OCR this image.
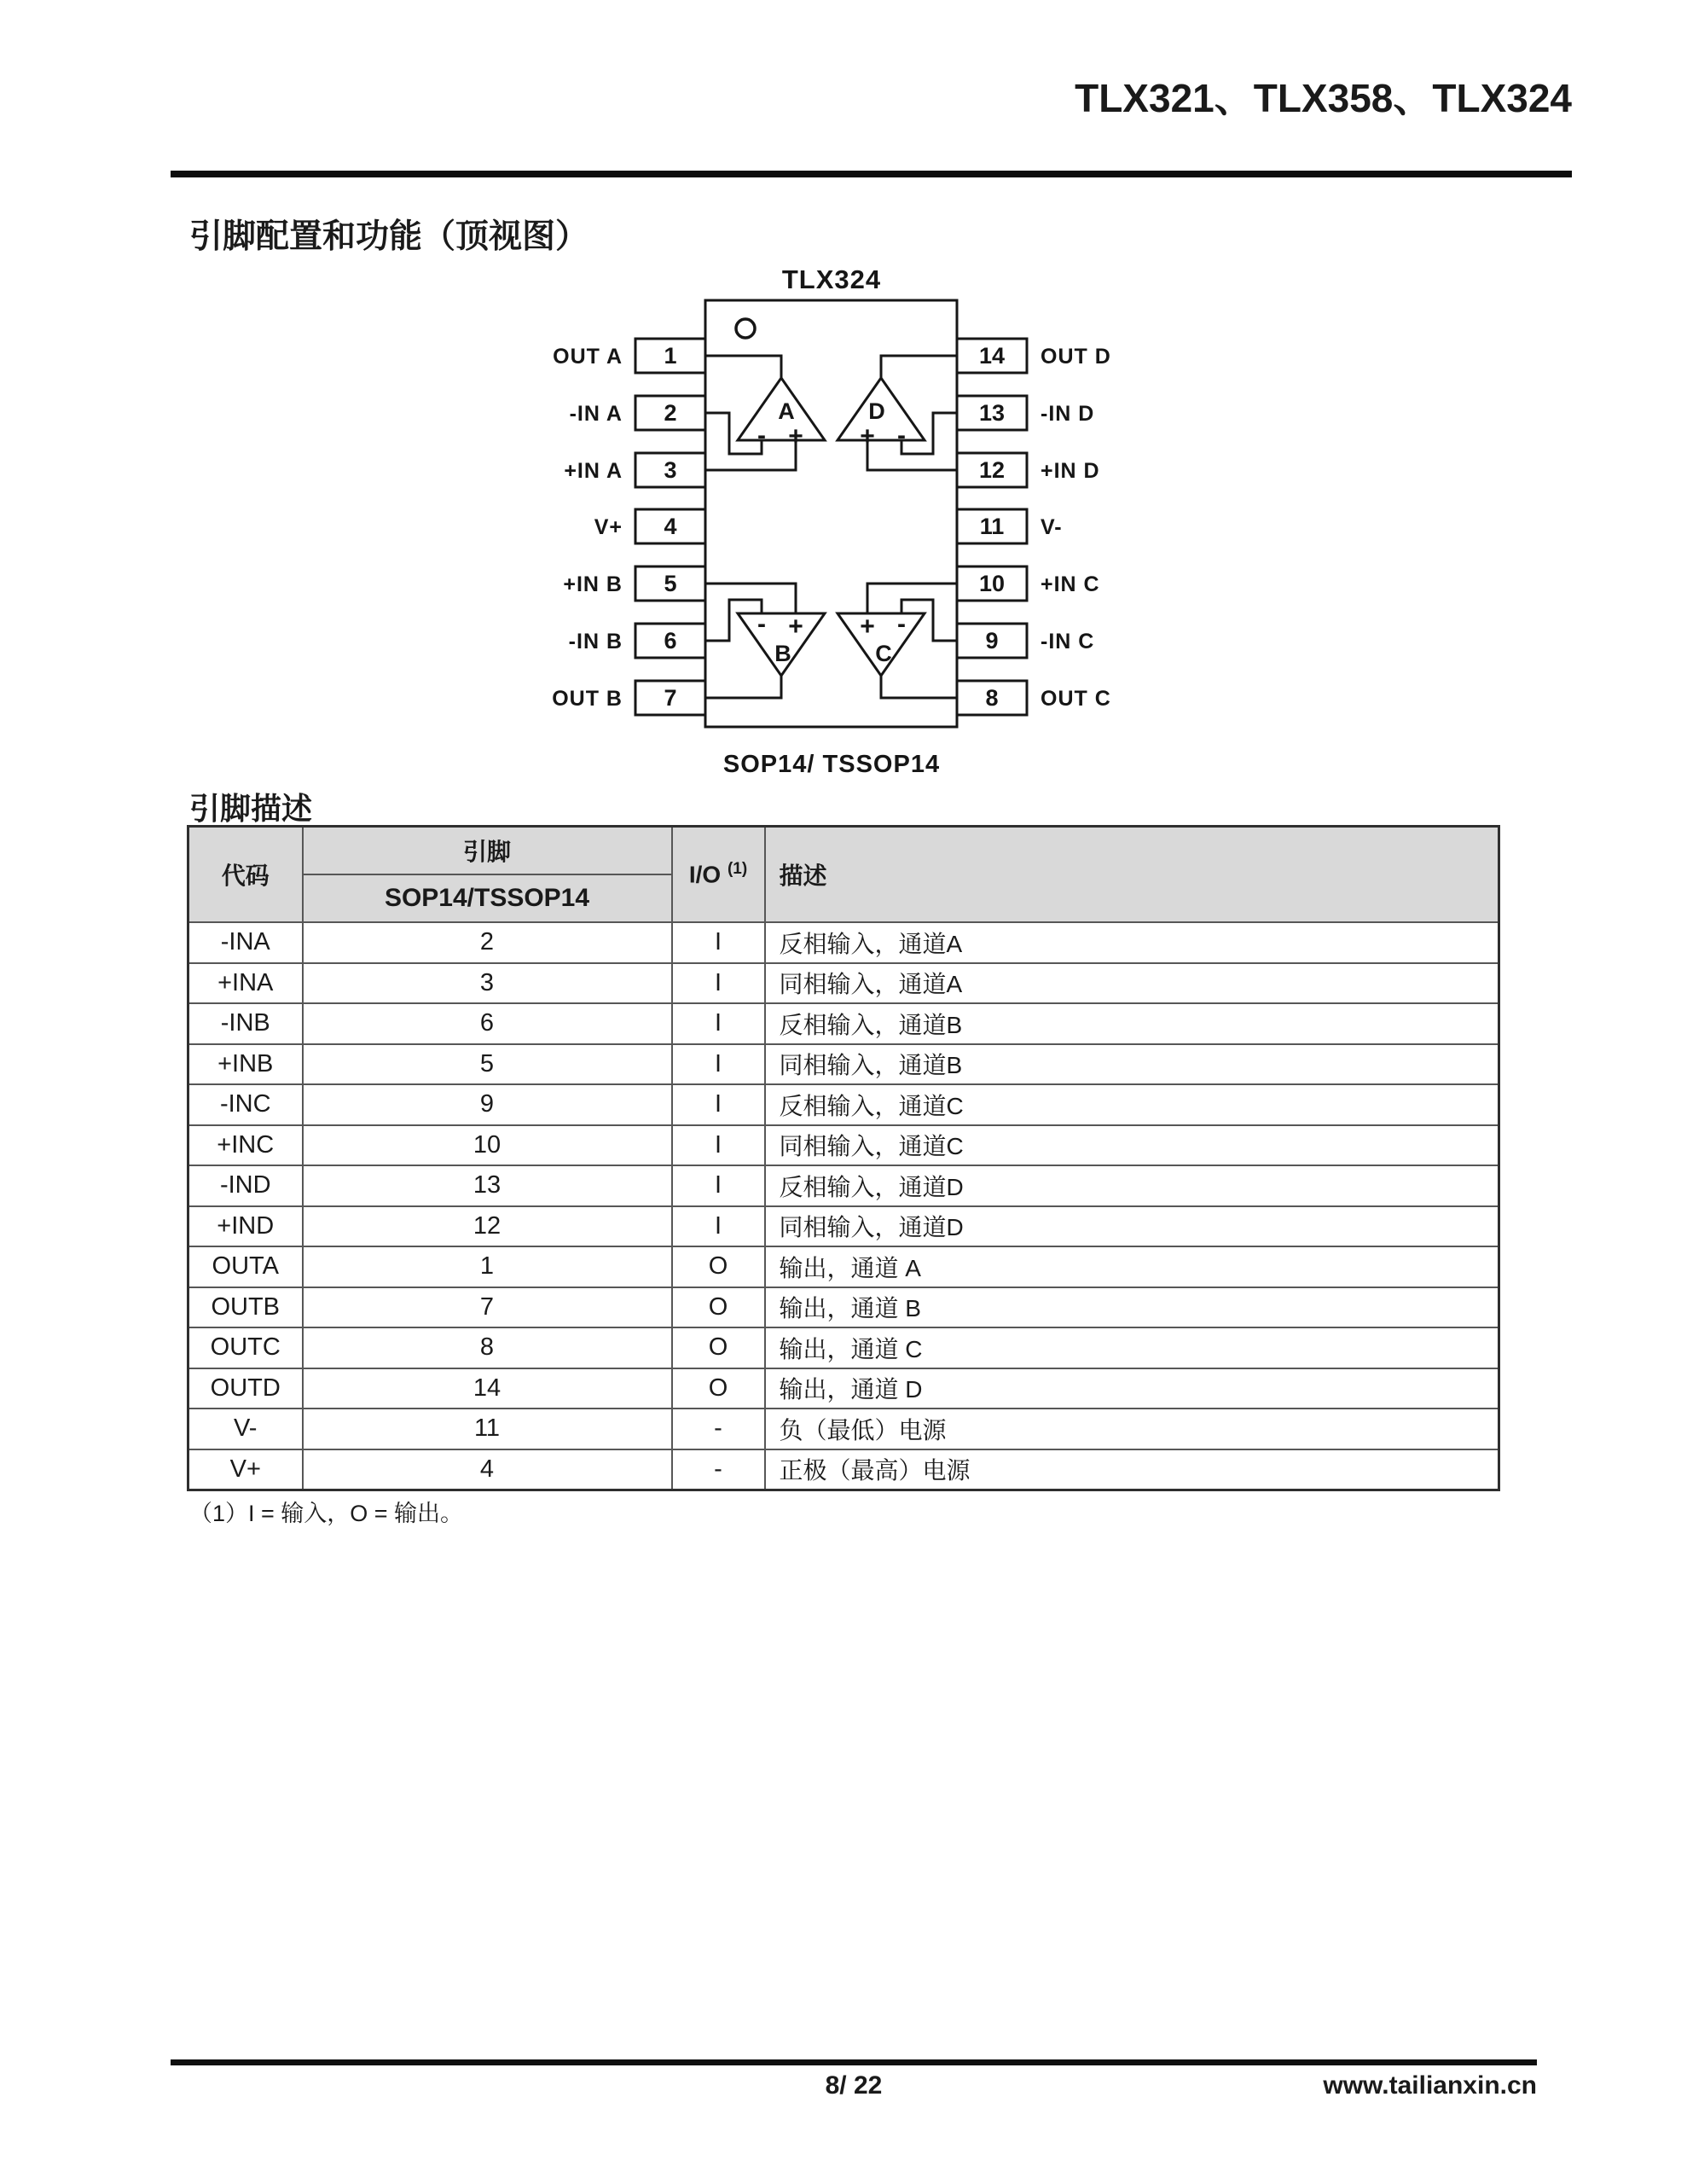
TLX321、TLX358、TLX324
引脚配置和功能（顶视图）
TLX324
A
- +
D
+ -
B
- +
C
+ -
1
2
3
4
5
6
7
OUT A
-IN A
+IN A
V+
+IN B
-IN B
OUT B
14
13
12
11
10
9
8
OUT D
-IN D
+IN D
V-
+IN C
-IN C
OUT C
SOP14/ TSSOP14
引脚描述
代码	引脚	I/O $^{(1)}$	描述
	SOP14/TSSOP14		
-INA	2	I	反相输入，通道A
+INA	3	I	同相输入，通道A
-INB	6	I	反相输入，通道B
+INB	5	I	同相输入，通道B
-INC	9	I	反相输入，通道C
+INC	10	I	同相输入，通道C
-IND	13	I	反相输入，通道D
+IND	12	I	同相输入，通道D
OUTA	1	O	输出，通道 A
OUTB	7	O	输出，通道 B
OUTC	8	O	输出，通道 C
OUTD	14	O	输出，通道 D
V-	11	-	负（最低）电源
V+	4	-	正极（最高）电源
（1）I = 输入，O = 输出。
8/ 22	www.tailianxin.cn
